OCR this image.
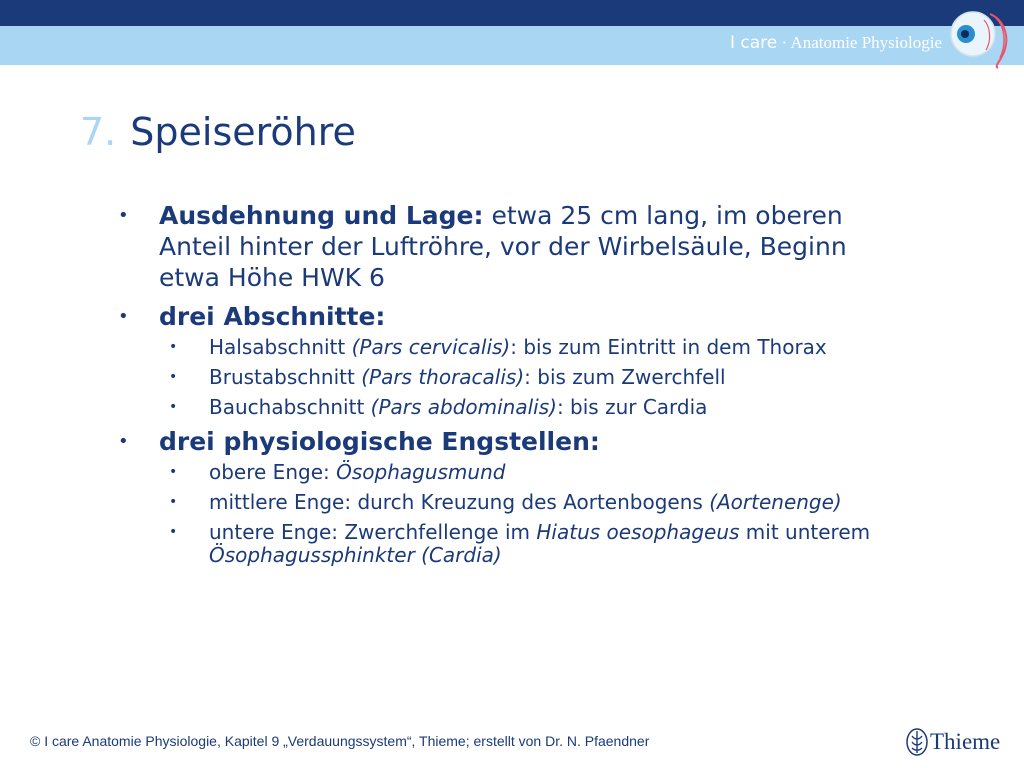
I care · Anatomie Physiologie
7. Speiseröhre
• Ausdehnung und Lage: etwa 25 cm lang, im oberen Anteil hinter der Luftröhre, vor der Wirbelsäule, Beginn etwa Höhe HWK 6
• drei Abschnitte:
• Halsabschnitt (Pars cervicalis): bis zum Eintritt in dem Thorax
• Brustabschnitt (Pars thoracalis): bis zum Zwerchfell
• Bauchabschnitt (Pars abdominalis): bis zur Cardia
• drei physiologische Engstellen:
• obere Enge: Ösophagusmund
• mittlere Enge: durch Kreuzung des Aortenbogens (Aortenenge)
• untere Enge: Zwerchfellenge im Hiatus oesophageus mit unterem Ösophagussphinkter (Cardia)
© I care Anatomie Physiologie, Kapitel 9 „Verdauungssystem“, Thieme; erstellt von Dr. N. Pfaendner	Thieme
